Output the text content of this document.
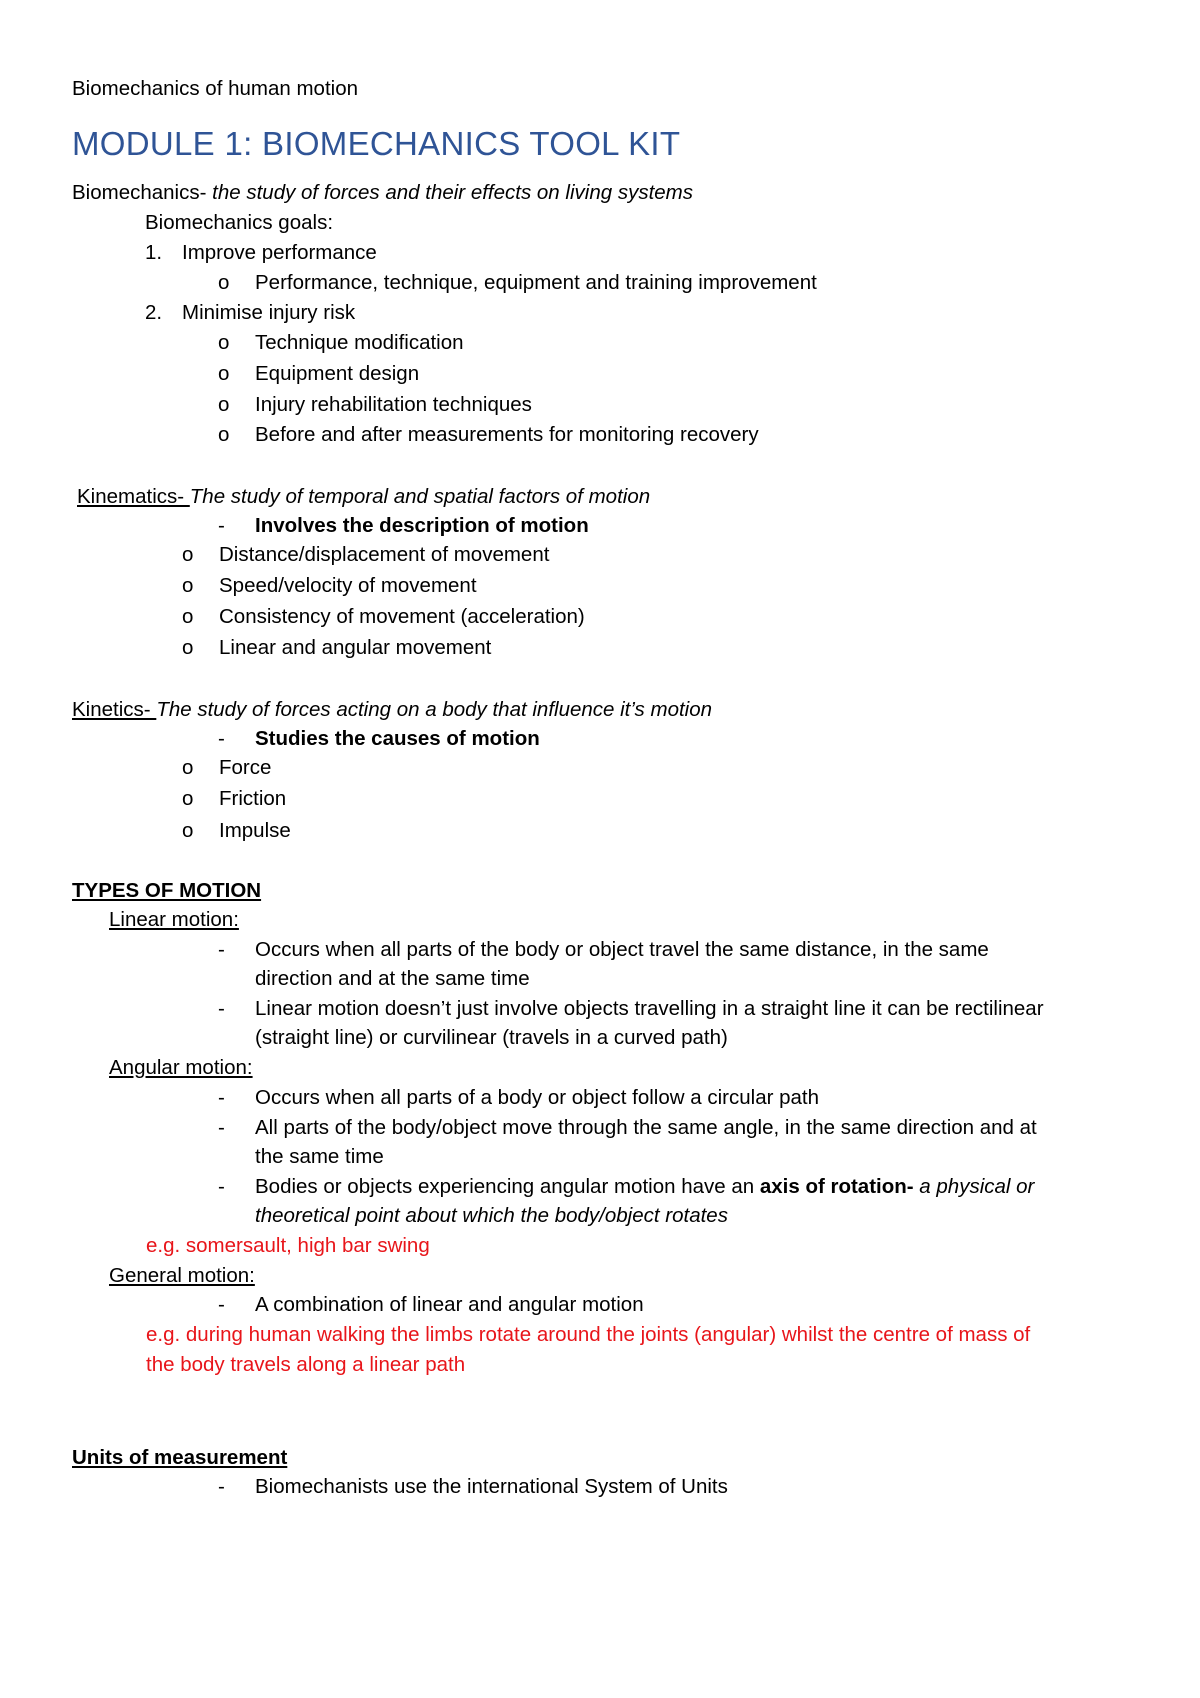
Biomechanics of human motion
MODULE 1: BIOMECHANICS TOOL KIT
Biomechanics- the study of forces and their effects on living systems
Biomechanics goals:
1. Improve performance
o Performance, technique, equipment and training improvement
2. Minimise injury risk
o Technique modification
o Equipment design
o Injury rehabilitation techniques
o Before and after measurements for monitoring recovery
Kinematics- The study of temporal and spatial factors of motion
- Involves the description of motion
o Distance/displacement of movement
o Speed/velocity of movement
o Consistency of movement (acceleration)
o Linear and angular movement
Kinetics- The study of forces acting on a body that influence it’s motion
- Studies the causes of motion
o Force
o Friction
o Impulse
TYPES OF MOTION
Linear motion:
- Occurs when all parts of the body or object travel the same distance, in the same
direction and at the same time
- Linear motion doesn’t just involve objects travelling in a straight line it can be rectilinear
(straight line) or curvilinear (travels in a curved path)
Angular motion:
- Occurs when all parts of a body or object follow a circular path
- All parts of the body/object move through the same angle, in the same direction and at
the same time
- Bodies or objects experiencing angular motion have an axis of rotation- a physical or
theoretical point about which the body/object rotates
e.g. somersault, high bar swing
General motion:
- A combination of linear and angular motion
e.g. during human walking the limbs rotate around the joints (angular) whilst the centre of mass of
the body travels along a linear path
Units of measurement
- Biomechanists use the international System of Units
